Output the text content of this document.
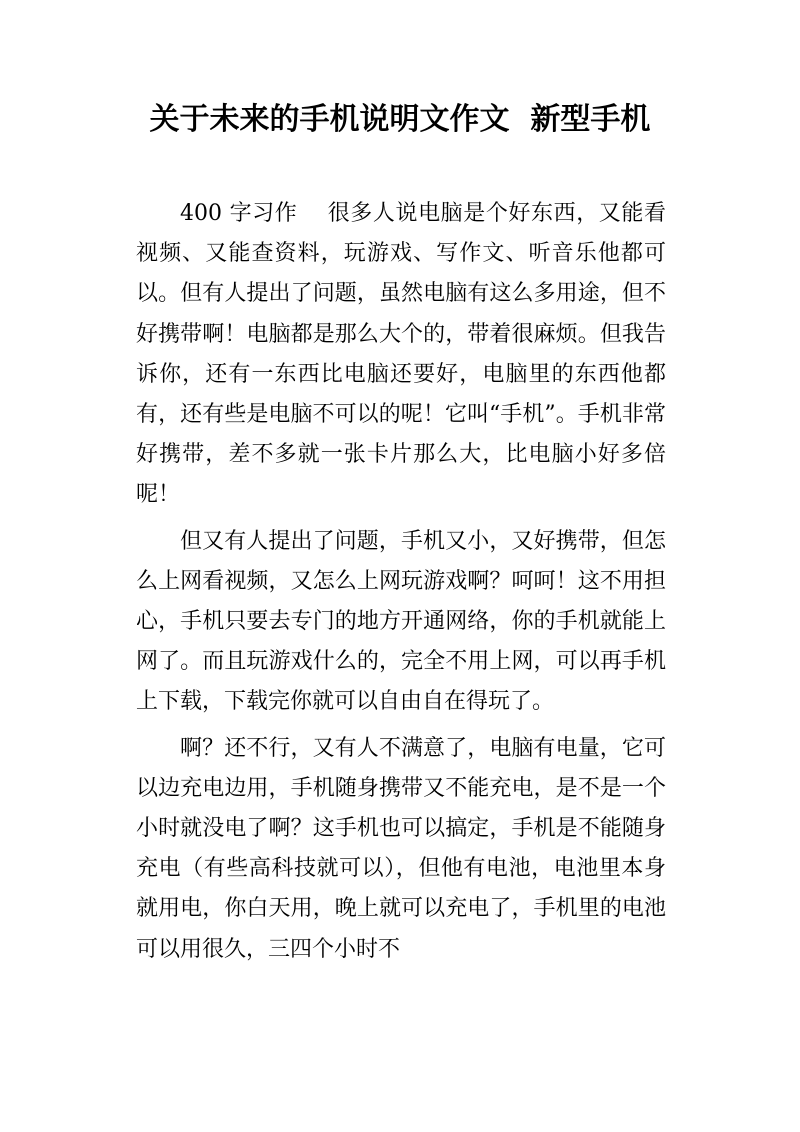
关于未来的手机说明文作文  新型手机

400 字习作    很多人说电脑是个好东西，又能看视频、又能查资料，玩游戏、写作文、听音乐他都可以。但有人提出了问题，虽然电脑有这么多用途，但不好携带啊！电脑都是那么大个的，带着很麻烦。但我告诉你，还有一东西比电脑还要好，电脑里的东西他都有，还有些是电脑不可以的呢！它叫“手机”。手机非常好携带，差不多就一张卡片那么大，比电脑小好多倍呢！

但又有人提出了问题，手机又小，又好携带，但怎么上网看视频，又怎么上网玩游戏啊？呵呵！这不用担心，手机只要去专门的地方开通网络，你的手机就能上网了。而且玩游戏什么的，完全不用上网，可以再手机上下载，下载完你就可以自由自在得玩了。

啊？还不行，又有人不满意了，电脑有电量，它可以边充电边用，手机随身携带又不能充电，是不是一个小时就没电了啊？这手机也可以搞定，手机是不能随身充电（有些高科技就可以），但他有电池，电池里本身就用电，你白天用，晚上就可以充电了，手机里的电池可以用很久，三四个小时不
